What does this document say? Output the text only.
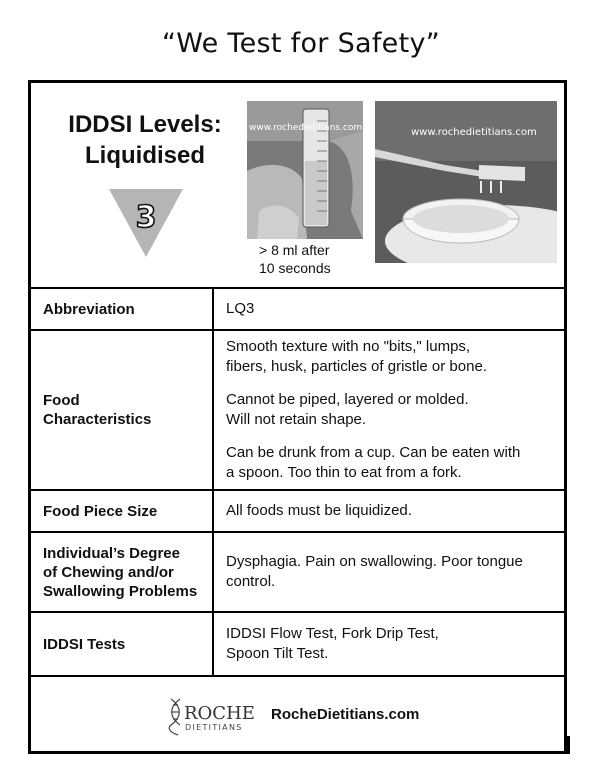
“We Test for Safety”
IDDSI Levels:
Liquidised
3
www.rochedietitians.com
> 8 ml after
10 seconds
www.rochedietitians.com
Abbreviation	LQ3
Food
Characteristics
Smooth texture with no "bits," lumps,
fibers, husk, particles of gristle or bone.
Cannot be piped, layered or molded.
Will not retain shape.
Can be drunk from a cup. Can be eaten with
a spoon. Too thin to eat from a fork.
Food Piece Size	All foods must be liquidized.
Individual’s Degree
of Chewing and/or
Swallowing Problems
Dysphagia. Pain on swallowing. Poor tongue
control.
IDDSI Tests
IDDSI Flow Test, Fork Drip Test,
Spoon Tilt Test.
ROCHE
DIETITIANS
RocheDietitians.com
